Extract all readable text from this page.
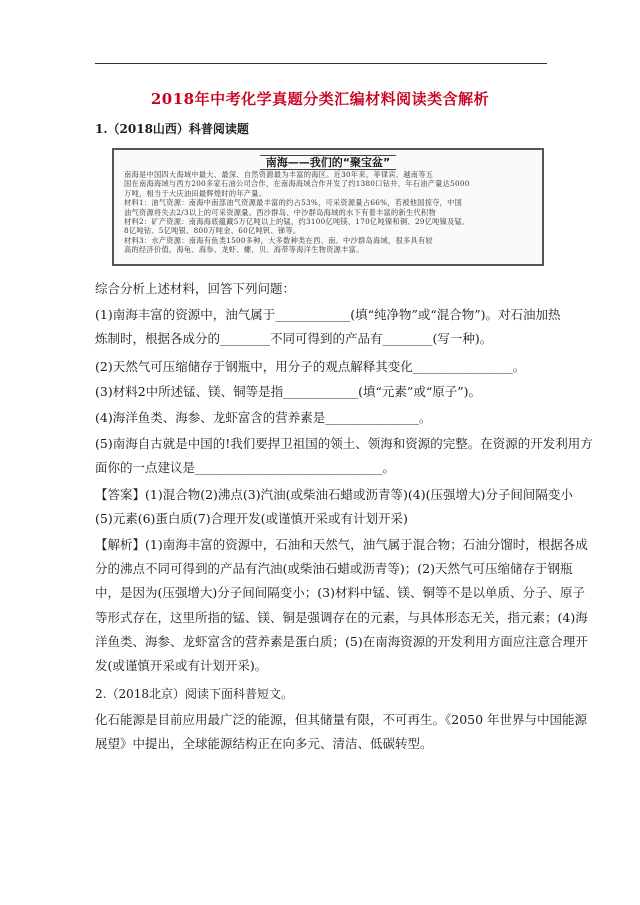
2018年中考化学真题分类汇编材料阅读类含解析
1.（2018山西）科普阅读题
南海——我们的“聚宝盆”
南海是中国四大海域中最大、最深、自然资源最为丰富的海区。近30年来，菲律宾、越南等五
国在南海海域与西方200多家石油公司合作，在南海海域合作开发了约1380口钻井，年石油产量达5000
万吨，相当于大庆油田最辉煌时的年产量。
材料1：油气资源：南海中南部油气资源最丰富的约占53%，可采资源量占66%，若被他国掠夺，中国
油气资源将失去2/3以上的可采资源量。西沙群岛、中沙群岛海域的水下有着丰富的新生代积物
材料2：矿产资源：南海海底蕴藏5万亿吨以上的锰，约3100亿吨镁、170亿吨镍和铜、29亿吨镍及锰、
8亿吨钴、5亿吨银、800万吨金、60亿吨钒、锑等。
材料3：水产资源：南海有鱼类1500多种，大多数种类在西、南、中沙群岛海域，很多具有较
高的经济价值。海龟、海参、龙虾、螺、贝、海带等海洋生物资源丰富。
综合分析上述材料，回答下列问题：
(1)南海丰富的资源中，油气属于____________(填“纯净物”或“混合物”)。对石油加热
炼制时，根据各成分的________不同可得到的产品有________(写一种)。
(2)天然气可压缩储存于钢瓶中，用分子的观点解释其变化________________。
(3)材料2中所述锰、镁、铜等是指____________(填“元素”或“原子”)。
(4)海洋鱼类、海参、龙虾富含的营养素是_______________。
(5)南海自古就是中国的!我们要捍卫祖国的领土、领海和资源的完整。在资源的开发利用方
面你的一点建议是______________________________。
【答案】(1)混合物(2)沸点(3)汽油(或柴油石蜡或沥青等)(4)(压强增大)分子间间隔变小
(5)元素(6)蛋白质(7)合理开发(或谨慎开采或有计划开采)
【解析】(1)南海丰富的资源中，石油和天然气，油气属于混合物；石油分馏时，根据各成
分的沸点不同可得到的产品有汽油(或柴油石蜡或沥青等)；(2)天然气可压缩储存于钢瓶
中，是因为(压强增大)分子间间隔变小；(3)材料中锰、镁、铜等不是以单质、分子、原子
等形式存在，这里所指的锰、镁、铜是强调存在的元素，与具体形态无关，指元素；(4)海
洋鱼类、海参、龙虾富含的营养素是蛋白质；(5)在南海资源的开发利用方面应注意合理开
发(或谨慎开采或有计划开采)。
2.（2018北京）阅读下面科普短文。
化石能源是目前应用最广泛的能源，但其储量有限，不可再生。《2050 年世界与中国能源
展望》中提出，全球能源结构正在向多元、清洁、低碳转型。
